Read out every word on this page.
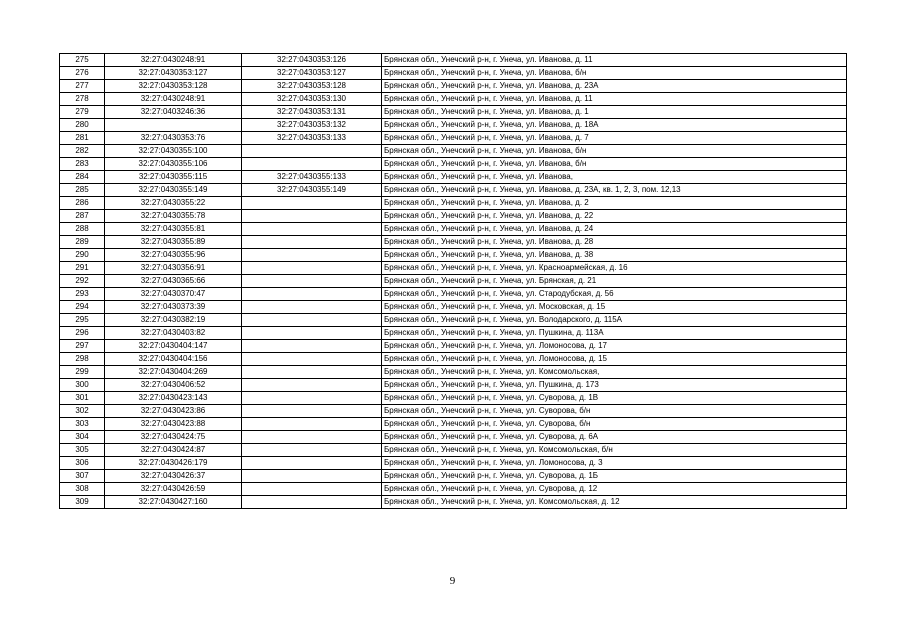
275	32:27:0430248:91	32:27:0430353:126	Брянская обл., Унечский р-н, г. Унеча, ул. Иванова, д. 11
276	32:27:0430353:127	32:27:0430353:127	Брянская обл., Унечский р-н, г. Унеча, ул. Иванова, б/н
277	32:27:0430353:128	32:27:0430353:128	Брянская обл., Унечский р-н, г. Унеча, ул. Иванова, д. 23А
278	32:27:0430248:91	32:27:0430353:130	Брянская обл., Унечский р-н, г. Унеча, ул. Иванова, д. 11
279	32:27:0403246:36	32:27:0430353:131	Брянская обл., Унечский р-н, г. Унеча, ул. Иванова, д. 1
280		32:27:0430353:132	Брянская обл., Унечский р-н, г. Унеча, ул. Иванова, д. 18А
281	32:27:0430353:76	32:27:0430353:133	Брянская обл., Унечский р-н, г. Унеча, ул. Иванова, д. 7
282	32:27:0430355:100		Брянская обл., Унечский р-н, г. Унеча, ул. Иванова, б/н
283	32:27:0430355:106		Брянская обл., Унечский р-н, г. Унеча, ул. Иванова, б/н
284	32:27:0430355:115	32:27:0430355:133	Брянская обл., Унечский р-н, г. Унеча, ул. Иванова,
285	32:27:0430355:149	32:27:0430355:149	Брянская обл., Унечский р-н, г. Унеча, ул. Иванова, д. 23А, кв. 1, 2, 3, пом. 12,13
286	32:27:0430355:22		Брянская обл., Унечский р-н, г. Унеча, ул. Иванова, д. 2
287	32:27:0430355:78		Брянская обл., Унечский р-н, г. Унеча, ул. Иванова, д. 22
288	32:27:0430355:81		Брянская обл., Унечский р-н, г. Унеча, ул. Иванова, д. 24
289	32:27:0430355:89		Брянская обл., Унечский р-н, г. Унеча, ул. Иванова, д. 28
290	32:27:0430355:96		Брянская обл., Унечский р-н, г. Унеча, ул. Иванова, д. 38
291	32:27:0430356:91		Брянская обл., Унечский р-н, г. Унеча, ул. Красноармейская, д. 16
292	32:27:0430365:66		Брянская обл., Унечский р-н, г. Унеча, ул. Брянская, д. 21
293	32:27:0430370:47		Брянская обл., Унечский р-н, г. Унеча, ул. Стародубская, д. 56
294	32:27:0430373:39		Брянская обл., Унечский р-н, г. Унеча, ул. Московская, д. 15
295	32:27:0430382:19		Брянская обл., Унечский р-н, г. Унеча, ул. Володарского, д. 115А
296	32:27:0430403:82		Брянская обл., Унечский р-н, г. Унеча, ул. Пушкина, д. 113А
297	32:27:0430404:147		Брянская обл., Унечский р-н, г. Унеча, ул. Ломоносова, д. 17
298	32:27:0430404:156		Брянская обл., Унечский р-н, г. Унеча, ул. Ломоносова, д. 15
299	32:27:0430404:269		Брянская обл., Унечский р-н, г. Унеча, ул. Комсомольская,
300	32:27:0430406:52		Брянская обл., Унечский р-н, г. Унеча, ул. Пушкина, д. 173
301	32:27:0430423:143		Брянская обл., Унечский р-н, г. Унеча, ул. Суворова, д. 1В
302	32:27:0430423:86		Брянская обл., Унечский р-н, г. Унеча, ул. Суворова, б/н
303	32:27:0430423:88		Брянская обл., Унечский р-н, г. Унеча, ул. Суворова, б/н
304	32:27:0430424:75		Брянская обл., Унечский р-н, г. Унеча, ул. Суворова, д. 6А
305	32:27:0430424:87		Брянская обл., Унечский р-н, г. Унеча, ул. Комсомольская, б/н
306	32:27:0430426:179		Брянская обл., Унечский р-н, г. Унеча, ул. Ломоносова, д. 3
307	32:27:0430426:37		Брянская обл., Унечский р-н, г. Унеча, ул. Суворова, д. 1Б
308	32:27:0430426:59		Брянская обл., Унечский р-н, г. Унеча, ул. Суворова, д. 12
309	32:27:0430427:160		Брянская обл., Унечский р-н, г. Унеча, ул. Комсомольская, д. 12
9
